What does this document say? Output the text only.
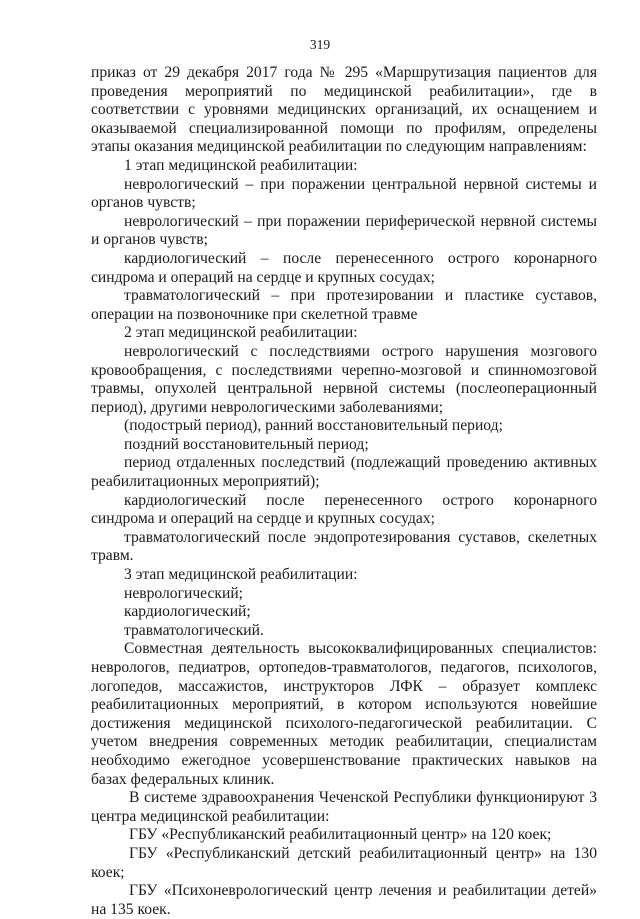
319

приказ от 29 декабря 2017 года № 295 «Маршрутизация пациентов для проведения мероприятий по медицинской реабилитации», где в соответствии с уровнями медицинских организаций, их оснащением и оказываемой специализированной помощи по профилям, определены этапы оказания медицинской реабилитации по следующим направлениям:

1 этап медицинской реабилитации:

неврологический – при поражении центральной нервной системы и органов чувств;

неврологический – при поражении периферической нервной системы и органов чувств;

кардиологический – после перенесенного острого коронарного синдрома и операций на сердце и крупных сосудах;

травматологический – при протезировании и пластике суставов, операции на позвоночнике при скелетной травме

2 этап медицинской реабилитации:

неврологический с последствиями острого нарушения мозгового кровообращения, с последствиями черепно-мозговой и спинномозговой травмы, опухолей центральной нервной системы (послеоперационный период), другими неврологическими заболеваниями;

(подострый период), ранний восстановительный период;

поздний восстановительный период;

период отдаленных последствий (подлежащий проведению активных реабилитационных мероприятий);

кардиологический после перенесенного острого коронарного синдрома и операций на сердце и крупных сосудах;

травматологический после эндопротезирования суставов, скелетных травм.

3 этап медицинской реабилитации:

неврологический;

кардиологический;

травматологический.

Совместная деятельность высококвалифицированных специалистов: неврологов, педиатров, ортопедов-травматологов, педагогов, психологов, логопедов, массажистов, инструкторов ЛФК – образует комплекс реабилитационных мероприятий, в котором используются новейшие достижения медицинской психолого-педагогической реабилитации. С учетом внедрения современных методик реабилитации, специалистам необходимо ежегодное усовершенствование практических навыков на базах федеральных клиник.

В системе здравоохранения Чеченской Республики функционируют 3 центра медицинской реабилитации:

ГБУ «Республиканский реабилитационный центр» на 120 коек;

ГБУ «Республиканский детский реабилитационный центр» на 130 коек;

ГБУ «Психоневрологический центр лечения и реабилитации детей» на 135 коек.
